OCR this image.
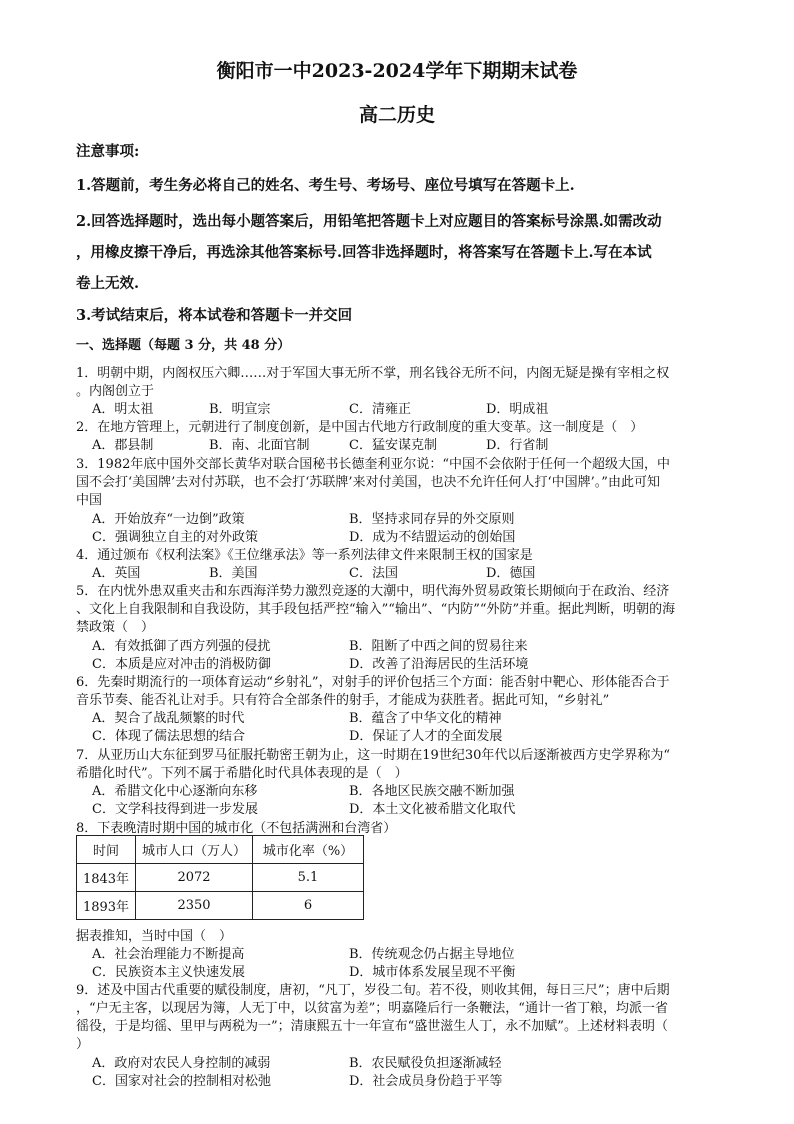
衡阳市一中2023-2024学年下期期末试卷
高二历史
注意事项:
1.答题前，考生务必将自己的姓名、考生号、考场号、座位号填写在答题卡上.
2.回答选择题时，选出每小题答案后，用铅笔把答题卡上对应题目的答案标号涂黑.如需改动
，用橡皮擦干净后，再选涂其他答案标号.回答非选择题时，将答案写在答题卡上.写在本试
卷上无效.
3.考试结束后，将本试卷和答题卡一并交回
一、选择题（每题 3 分，共 48 分）
1．明朝中期，内阁权压六卿……对于军国大事无所不掌，刑名钱谷无所不问，内阁无疑是操有宰相之权
。内阁创立于
A．明太祖	B．明宣宗	C．清雍正	D．明成祖
2．在地方管理上，元朝进行了制度创新，是中国古代地方行政制度的重大变革。这一制度是（　）
A．郡县制	B．南、北面官制	C．猛安谋克制	D．行省制
3．1982年底中国外交部长黄华对联合国秘书长德奎利亚尔说：“中国不会依附于任何一个超级大国，中
国不会打‘美国牌’去对付苏联，也不会打‘苏联牌’来对付美国，也决不允许任何人打‘中国牌’。”由此可知
中国
A．开始放弃“一边倒”政策	B．坚持求同存异的外交原则
C．强调独立自主的对外政策	D．成为不结盟运动的创始国
4．通过颁布《权利法案》《王位继承法》等一系列法律文件来限制王权的国家是
A．英国	B．美国	C．法国	D．德国
5．在内忧外患双重夹击和东西海洋势力激烈竞逐的大潮中，明代海外贸易政策长期倾向于在政治、经济
、文化上自我限制和自我设防，其手段包括严控“输入”“输出”、“内防”“外防”并重。据此判断，明朝的海
禁政策（　）
A．有效抵御了西方列强的侵扰	B．阻断了中西之间的贸易往来
C．本质是应对冲击的消极防御	D．改善了沿海居民的生活环境
6．先秦时期流行的一项体育运动“乡射礼”，对射手的评价包括三个方面：能否射中靶心、形体能否合于
音乐节奏、能否礼让对手。只有符合全部条件的射手，才能成为获胜者。据此可知，“乡射礼”
A．契合了战乱频繁的时代	B．蕴含了中华文化的精神
C．体现了儒法思想的结合	D．保证了人才的全面发展
7．从亚历山大东征到罗马征服托勒密王朝为止，这一时期在19世纪30年代以后逐渐被西方史学界称为“
希腊化时代”。下列不属于希腊化时代具体表现的是（　）
A．希腊文化中心逐渐向东移	B．各地区民族交融不断加强
C．文学科技得到进一步发展	D．本土文化被希腊文化取代
8．下表晚清时期中国的城市化（不包括满洲和台湾省）
时间	城市人口（万人）	城市化率（%）
1843年	2072	5.1
1893年	2350	6
据表推知，当时中国（　）
A．社会治理能力不断提高	B．传统观念仍占据主导地位
C．民族资本主义快速发展	D．城市体系发展呈现不平衡
9．述及中国古代重要的赋役制度，唐初，“凡丁，岁役二旬。若不役，则收其佣，每日三尺”；唐中后期
，“户无主客，以现居为簿，人无丁中，以贫富为差”；明嘉隆后行一条鞭法，“通计一省丁粮，均派一省
徭役，于是均徭、里甲与两税为一”；清康熙五十一年宣布“盛世滋生人丁，永不加赋”。上述材料表明（
）
A．政府对农民人身控制的减弱	B．农民赋役负担逐渐减轻
C．国家对社会的控制相对松弛	D．社会成员身份趋于平等
